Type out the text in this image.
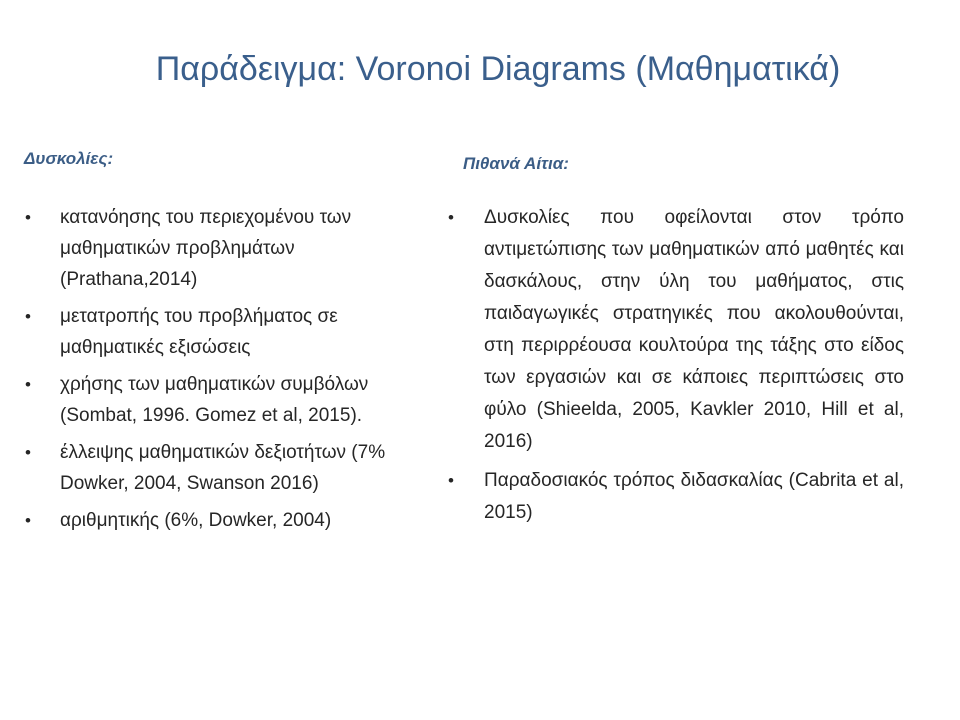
Παράδειγμα: Voronoi Diagrams (Μαθηματικά)
Δυσκολίες:
• κατανόησης του περιεχομένου των μαθηματικών προβλημάτων (Prathana,2014)
• μετατροπής του προβλήματος σε μαθηματικές εξισώσεις
• χρήσης των μαθηματικών συμβόλων (Sombat, 1996. Gomez et al, 2015).
• έλλειψης μαθηματικών δεξιοτήτων (7% Dowker, 2004, Swanson 2016)
• αριθμητικής (6%, Dowker, 2004)
Πιθανά Αίτια:
• Δυσκολίες που οφείλονται στον τρόπο αντιμετώπισης των μαθηματικών από μαθητές και δασκάλους, στην ύλη του μαθήματος, στις παιδαγωγικές στρατηγικές που ακολουθούνται, στη περιρρέουσα κουλτούρα της τάξης στο είδος των εργασιών και σε κάποιες περιπτώσεις στο φύλο (Shieelda, 2005, Kavkler 2010, Hill et al, 2016)
• Παραδοσιακός τρόπος διδασκαλίας (Cabrita et al, 2015)
